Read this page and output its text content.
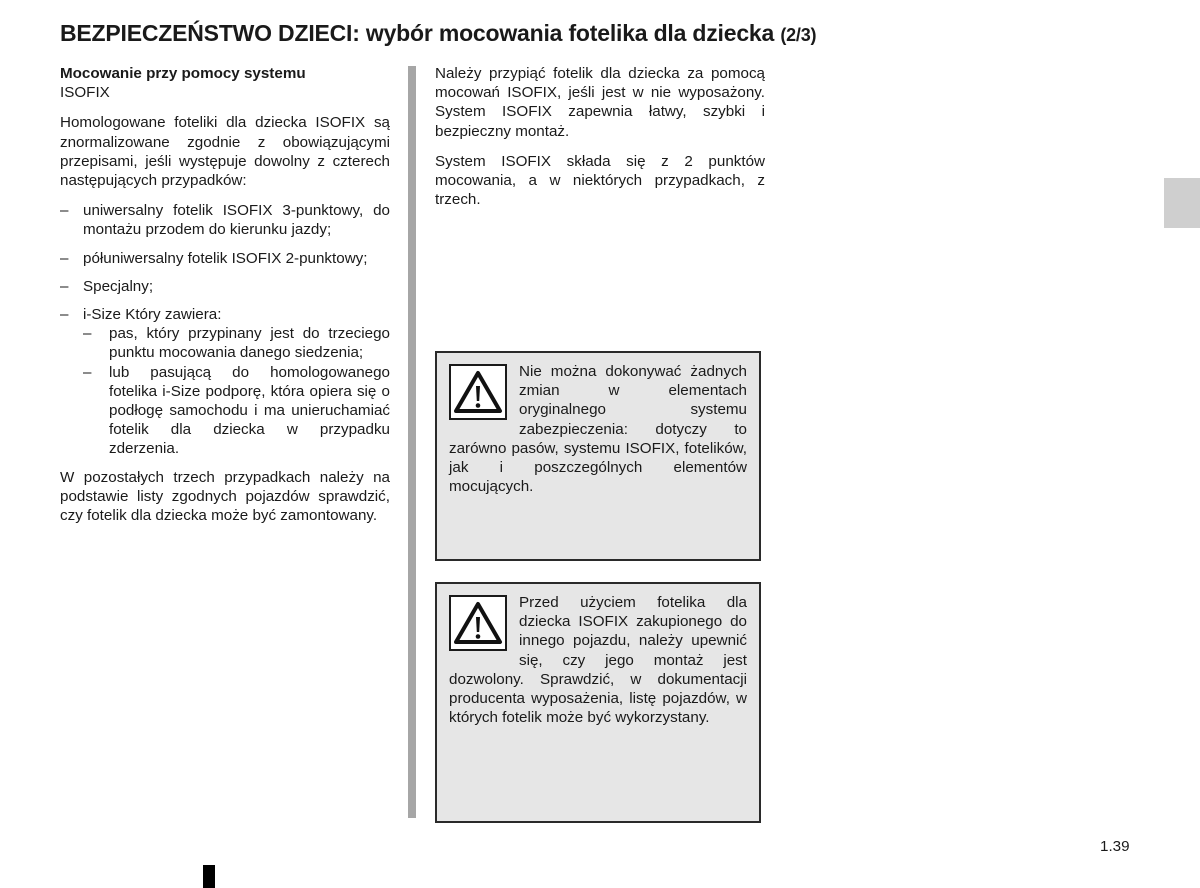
BEZPIECZEŃSTWO DZIECI: wybór mocowania fotelika dla dziecka (2/3)
Mocowanie przy pomocy systemu
ISOFIX

Homologowane foteliki dla dziecka ISOFIX są znormalizowane zgodnie z obowiązującymi przepisami, jeśli występuje dowolny z czterech następujących przypadków:

– uniwersalny fotelik ISOFIX 3-punktowy, do montażu przodem do kierunku jazdy;
– półuniwersalny fotelik ISOFIX 2-punktowy;
– Specjalny;
– i-Size Który zawiera:
– pas, który przypinany jest do trzeciego punktu mocowania danego siedzenia;
– lub pasującą do homologowanego fotelika i-Size podporę, która opiera się o podłogę samochodu i ma unieruchamiać fotelik dla dziecka w przypadku zderzenia.

W pozostałych trzech przypadkach należy na podstawie listy zgodnych pojazdów sprawdzić, czy fotelik dla dziecka może być zamontowany.

Należy przypiąć fotelik dla dziecka za pomocą mocowań ISOFIX, jeśli jest w nie wyposażony. System ISOFIX zapewnia łatwy, szybki i bezpieczny montaż.

System ISOFIX składa się z 2 punktów mocowania, a w niektórych przypadkach, z trzech.

Nie można dokonywać żadnych zmian w elementach oryginalnego systemu zabezpieczenia: dotyczy to zarówno pasów, systemu ISOFIX, fotelików, jak i poszczególnych elementów mocujących.
Przed użyciem fotelika dla dziecka ISOFIX zakupionego do innego pojazdu, należy upewnić się, czy jego montaż jest dozwolony. Sprawdzić, w dokumentacji producenta wyposażenia, listę pojazdów, w których fotelik może być wykorzystany.
1.39
